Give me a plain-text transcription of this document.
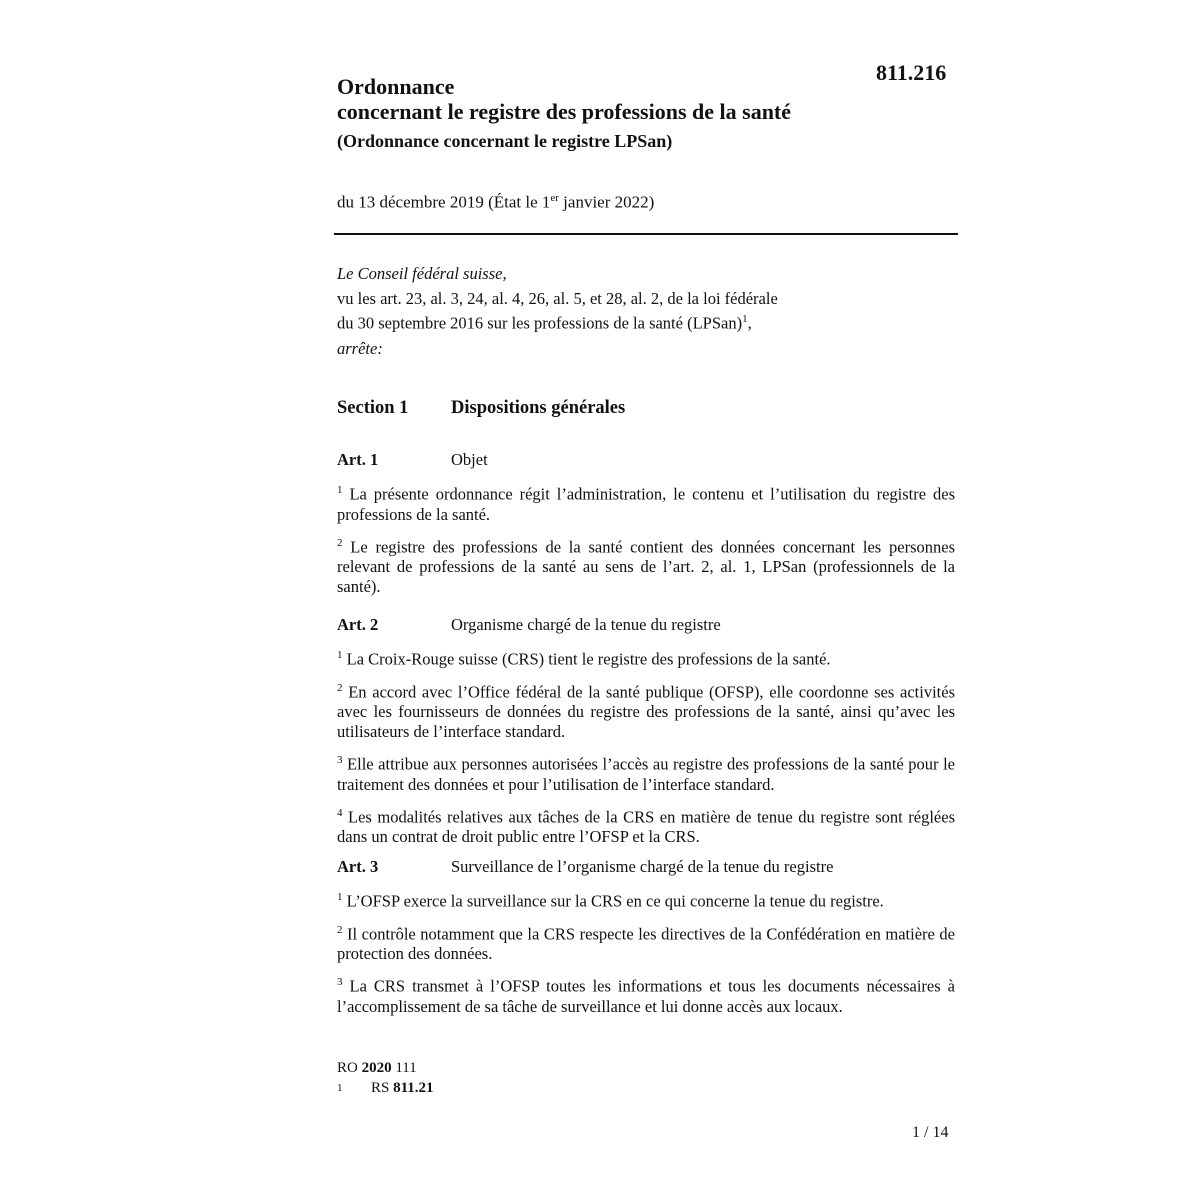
811.216
Ordonnance
concernant le registre des professions de la santé
(Ordonnance concernant le registre LPSan)
du 13 décembre 2019 (État le 1er janvier 2022)
Le Conseil fédéral suisse,
vu les art. 23, al. 3, 24, al. 4, 26, al. 5, et 28, al. 2, de la loi fédérale
du 30 septembre 2016 sur les professions de la santé (LPSan)$^1$,
arrête:
Section 1 Dispositions générales
Art. 1	Objet
$^1$ La présente ordonnance régit l’administration, le contenu et l’utilisation du registre des professions de la santé.
$^2$ Le registre des professions de la santé contient des données concernant les personnes relevant de professions de la santé au sens de l’art. 2, al. 1, LPSan (professionnels de la santé).
Art. 2	Organisme chargé de la tenue du registre
$^1$ La Croix-Rouge suisse (CRS) tient le registre des professions de la santé.
$^2$ En accord avec l’Office fédéral de la santé publique (OFSP), elle coordonne ses activités avec les fournisseurs de données du registre des professions de la santé, ainsi qu’avec les utilisateurs de l’interface standard.
$^3$ Elle attribue aux personnes autorisées l’accès au registre des professions de la santé pour le traitement des données et pour l’utilisation de l’interface standard.
$^4$ Les modalités relatives aux tâches de la CRS en matière de tenue du registre sont réglées dans un contrat de droit public entre l’OFSP et la CRS.
Art. 3	Surveillance de l’organisme chargé de la tenue du registre
$^1$ L’OFSP exerce la surveillance sur la CRS en ce qui concerne la tenue du registre.
$^2$ Il contrôle notamment que la CRS respecte les directives de la Confédération en matière de protection des données.
$^3$ La CRS transmet à l’OFSP toutes les informations et tous les documents nécessaires à l’accomplissement de sa tâche de surveillance et lui donne accès aux locaux.
RO 2020 111
1 RS 811.21
1 / 14
